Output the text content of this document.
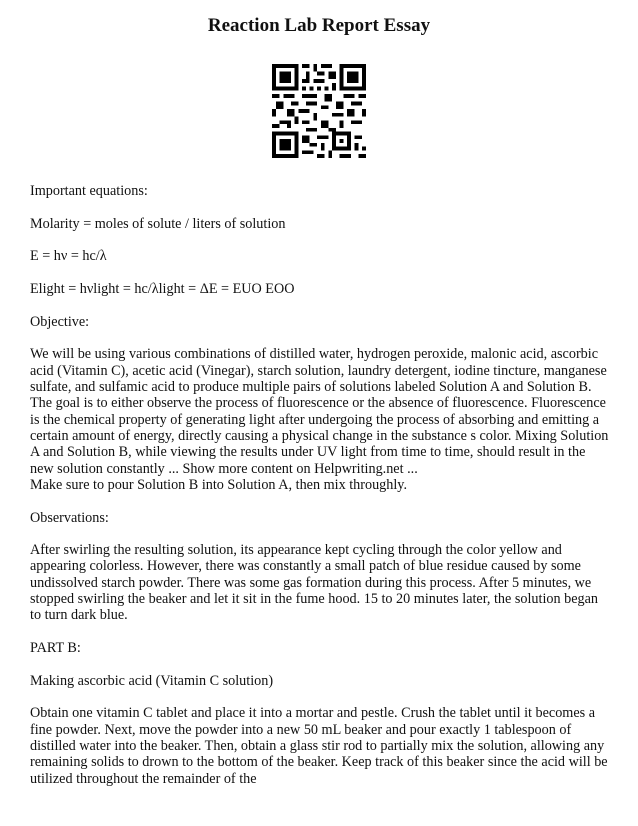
Reaction Lab Report Essay

Important equations:

Molarity = moles of solute / liters of solution

E = hν = hc/λ

Elight = hνlight = hc/λlight = ΔE = EUO EOO

Objective:

We will be using various combinations of distilled water, hydrogen peroxide, malonic acid, ascorbic acid (Vitamin C), acetic acid (Vinegar), starch solution, laundry detergent, iodine tincture, manganese sulfate, and sulfamic acid to produce multiple pairs of solutions labeled Solution A and Solution B. The goal is to either observe the process of fluorescence or the absence of fluorescence. Fluorescence is the chemical property of generating light after undergoing the process of absorbing and emitting a certain amount of energy, directly causing a physical change in the substance s color. Mixing Solution A and Solution B, while viewing the results under UV light from time to time, should result in the new solution constantly ... Show more content on Helpwriting.net ...

Make sure to pour Solution B into Solution A, then mix throughly.

Observations:

After swirling the resulting solution, its appearance kept cycling through the color yellow and appearing colorless. However, there was constantly a small patch of blue residue caused by some undissolved starch powder. There was some gas formation during this process. After 5 minutes, we stopped swirling the beaker and let it sit in the fume hood. 15 to 20 minutes later, the solution began to turn dark blue.

PART B:

Making ascorbic acid (Vitamin C solution)

Obtain one vitamin C tablet and place it into a mortar and pestle. Crush the tablet until it becomes a fine powder. Next, move the powder into a new 50 mL beaker and pour exactly 1 tablespoon of distilled water into the beaker. Then, obtain a glass stir rod to partially mix the solution, allowing any remaining solids to drown to the bottom of the beaker. Keep track of this beaker since the acid will be utilized throughout the remainder of the
